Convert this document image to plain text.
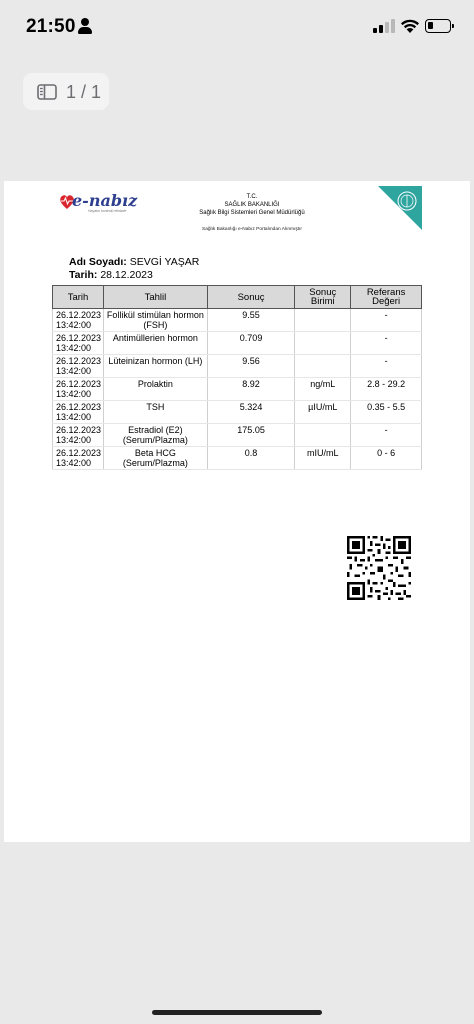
21:50
1 / 1
e-nabız
Hayatın kontrolü elinizde
T.C.
SAĞLIK BAKANLIĞI
Sağlık Bilgi Sistemleri Genel Müdürlüğü
Sağlık Bakanlığı e-Nabız Portalından Alınmıştır
Adı Soyadı: SEVGİ YAŞAR
Tarih: 28.12.2023
Tarih	Tahlil	Sonuç	Sonuç Birimi	Referans Değeri
26.12.2023
13:42:00	Follikül stimülan hormon (FSH)	9.55		-
26.12.2023
13:42:00	Antimüllerien hormon	0.709		-
26.12.2023
13:42:00	Lüteinizan hormon (LH)	9.56		-
26.12.2023
13:42:00	Prolaktin	8.92	ng/mL	2.8 - 29.2
26.12.2023
13:42:00	TSH	5.324	µIU/mL	0.35 - 5.5
26.12.2023
13:42:00	Estradiol (E2) (Serum/Plazma)	175.05		-
26.12.2023
13:42:00	Beta HCG (Serum/Plazma)	0.8	mIU/mL	0 - 6
